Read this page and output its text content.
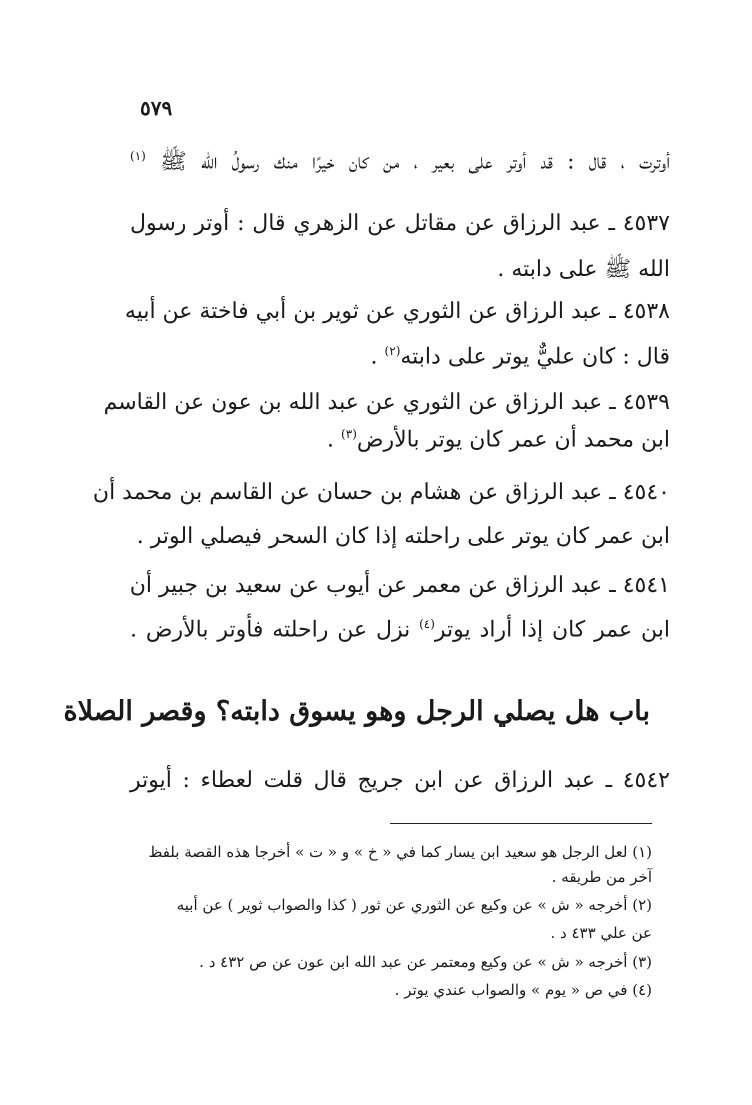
٥٧٩
أوترت ، قال : قد أوتر على بعير ، من كان خيرًا منك رسولُ الله ﷺ $^{(١)}$
٤٥٣٧ ـ عبد الرزاق عن مقاتل عن الزهري قال : أوتر رسول
الله ﷺ على دابته .
٤٥٣٨ ـ عبد الرزاق عن الثوري عن ثوير بن أبي فاختة عن أبيه
قال : كان عليٌّ يوتر على دابته$^{(٢)}$ .
٤٥٣٩ ـ عبد الرزاق عن الثوري عن عبد الله بن عون عن القاسم
ابن محمد أن عمر كان يوتر بالأرض$^{(٣)}$ .
٤٥٤٠ ـ عبد الرزاق عن هشام بن حسان عن القاسم بن محمد أن
ابن عمر كان يوتر على راحلته إذا كان السحر فيصلي الوتر .
٤٥٤١ ـ عبد الرزاق عن معمر عن أيوب عن سعيد بن جبير أن
ابن عمر كان إذا أراد يوتر$^{(٤)}$ نزل عن راحلته فأوتر بالأرض .
باب هل يصلي الرجل وهو يسوق دابته؟ وقصر الصلاة
٤٥٤٢ ـ عبد الرزاق عن ابن جريج قال قلت لعطاء : أيوتر
(١) لعل الرجل هو سعيد ابن يسار كما في « خ » و « ت » أخرجا هذه القصة بلفظ
آخر من طريقه .
(٢) أخرجه « ش » عن وكيع عن الثوري عن ثور ( كذا والصواب ثوير ) عن أبيه
عن علي ٤٣٣ د .
(٣) أخرجه « ش » عن وكيع ومعتمر عن عبد الله ابن عون عن ص ٤٣٢ د .
(٤) في ص « يوم » والصواب عندي يوتر .
